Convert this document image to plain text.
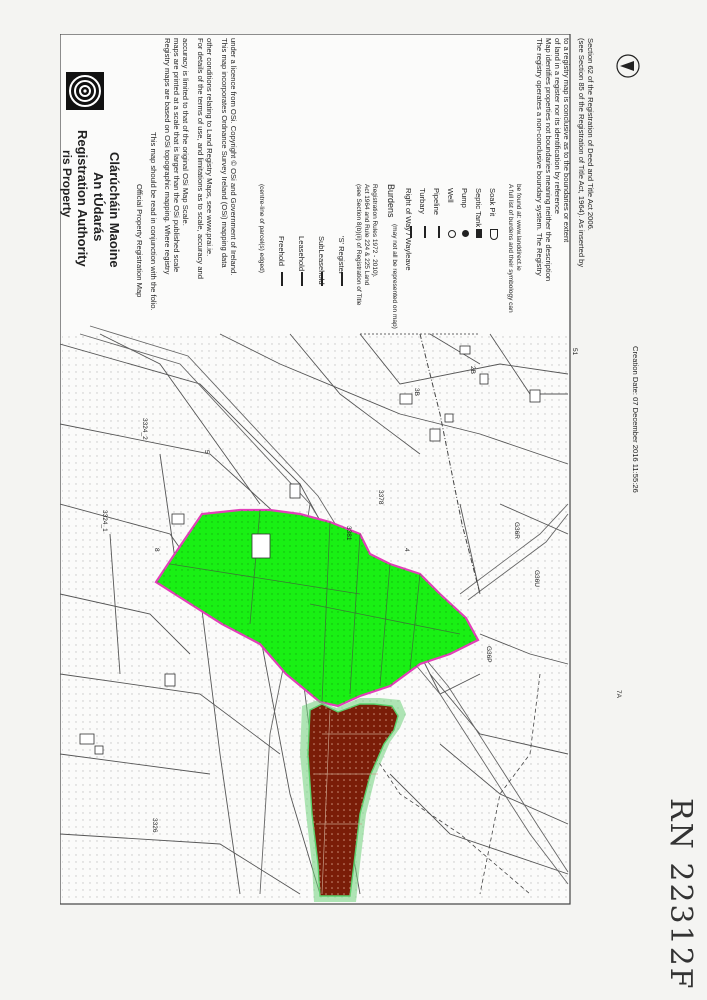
3324_2
3324_1
3326
3378
3381	G36R
G36U
G36P
7A
3B
51
2B
5
8	4
Creation Date: 07 December 2016 11:55:26
ris Property Registration Authority An tÚdarás Clárúcháin Maoine Official Property Registration Map This map should be read in conjunction with the folio. Registry maps are based on OSi topographic mapping. Where registry maps are printed at a scale that is larger than the OSi published scale accuracy is limited to that of the original OSi Map Scale. For details of the terms of use, and limitations as to scale, accuracy and other conditions relating to Land Registry Maps, see www.prai.ie. This map incorporates Ordnance Survey Ireland (OSi) mapping data under a licence from OSi. Copyright © OSi and Government of Ireland.	(centre-line of parcel(s) edged) Freehold Leasehold SubLeasehold 'S' Register (see Section 8(b)(ii) of Registration of Title Act 1964 and Rule 224 & 225 Land Registration Rules 1972 - 2010). Burdens
(may not all be represented on map) Right of Way / Wayleave Turbary Pipeline Well Pump Septic Tank Soak Pit A full list of burdens and their symbology can be found at: www.landdirect.ie The registry operates a non-conclusive boundary system. The Registry Map identifies properties not boundaries meaning neither the description of land in a register nor its identification by reference to a registry map is conclusive as to the boundaries or extent (see Section 85 of the Registration of Title Act, 1964). As inserted by Section 62 of the Registration of Deed and Title Act 2006.
RN 22312F
